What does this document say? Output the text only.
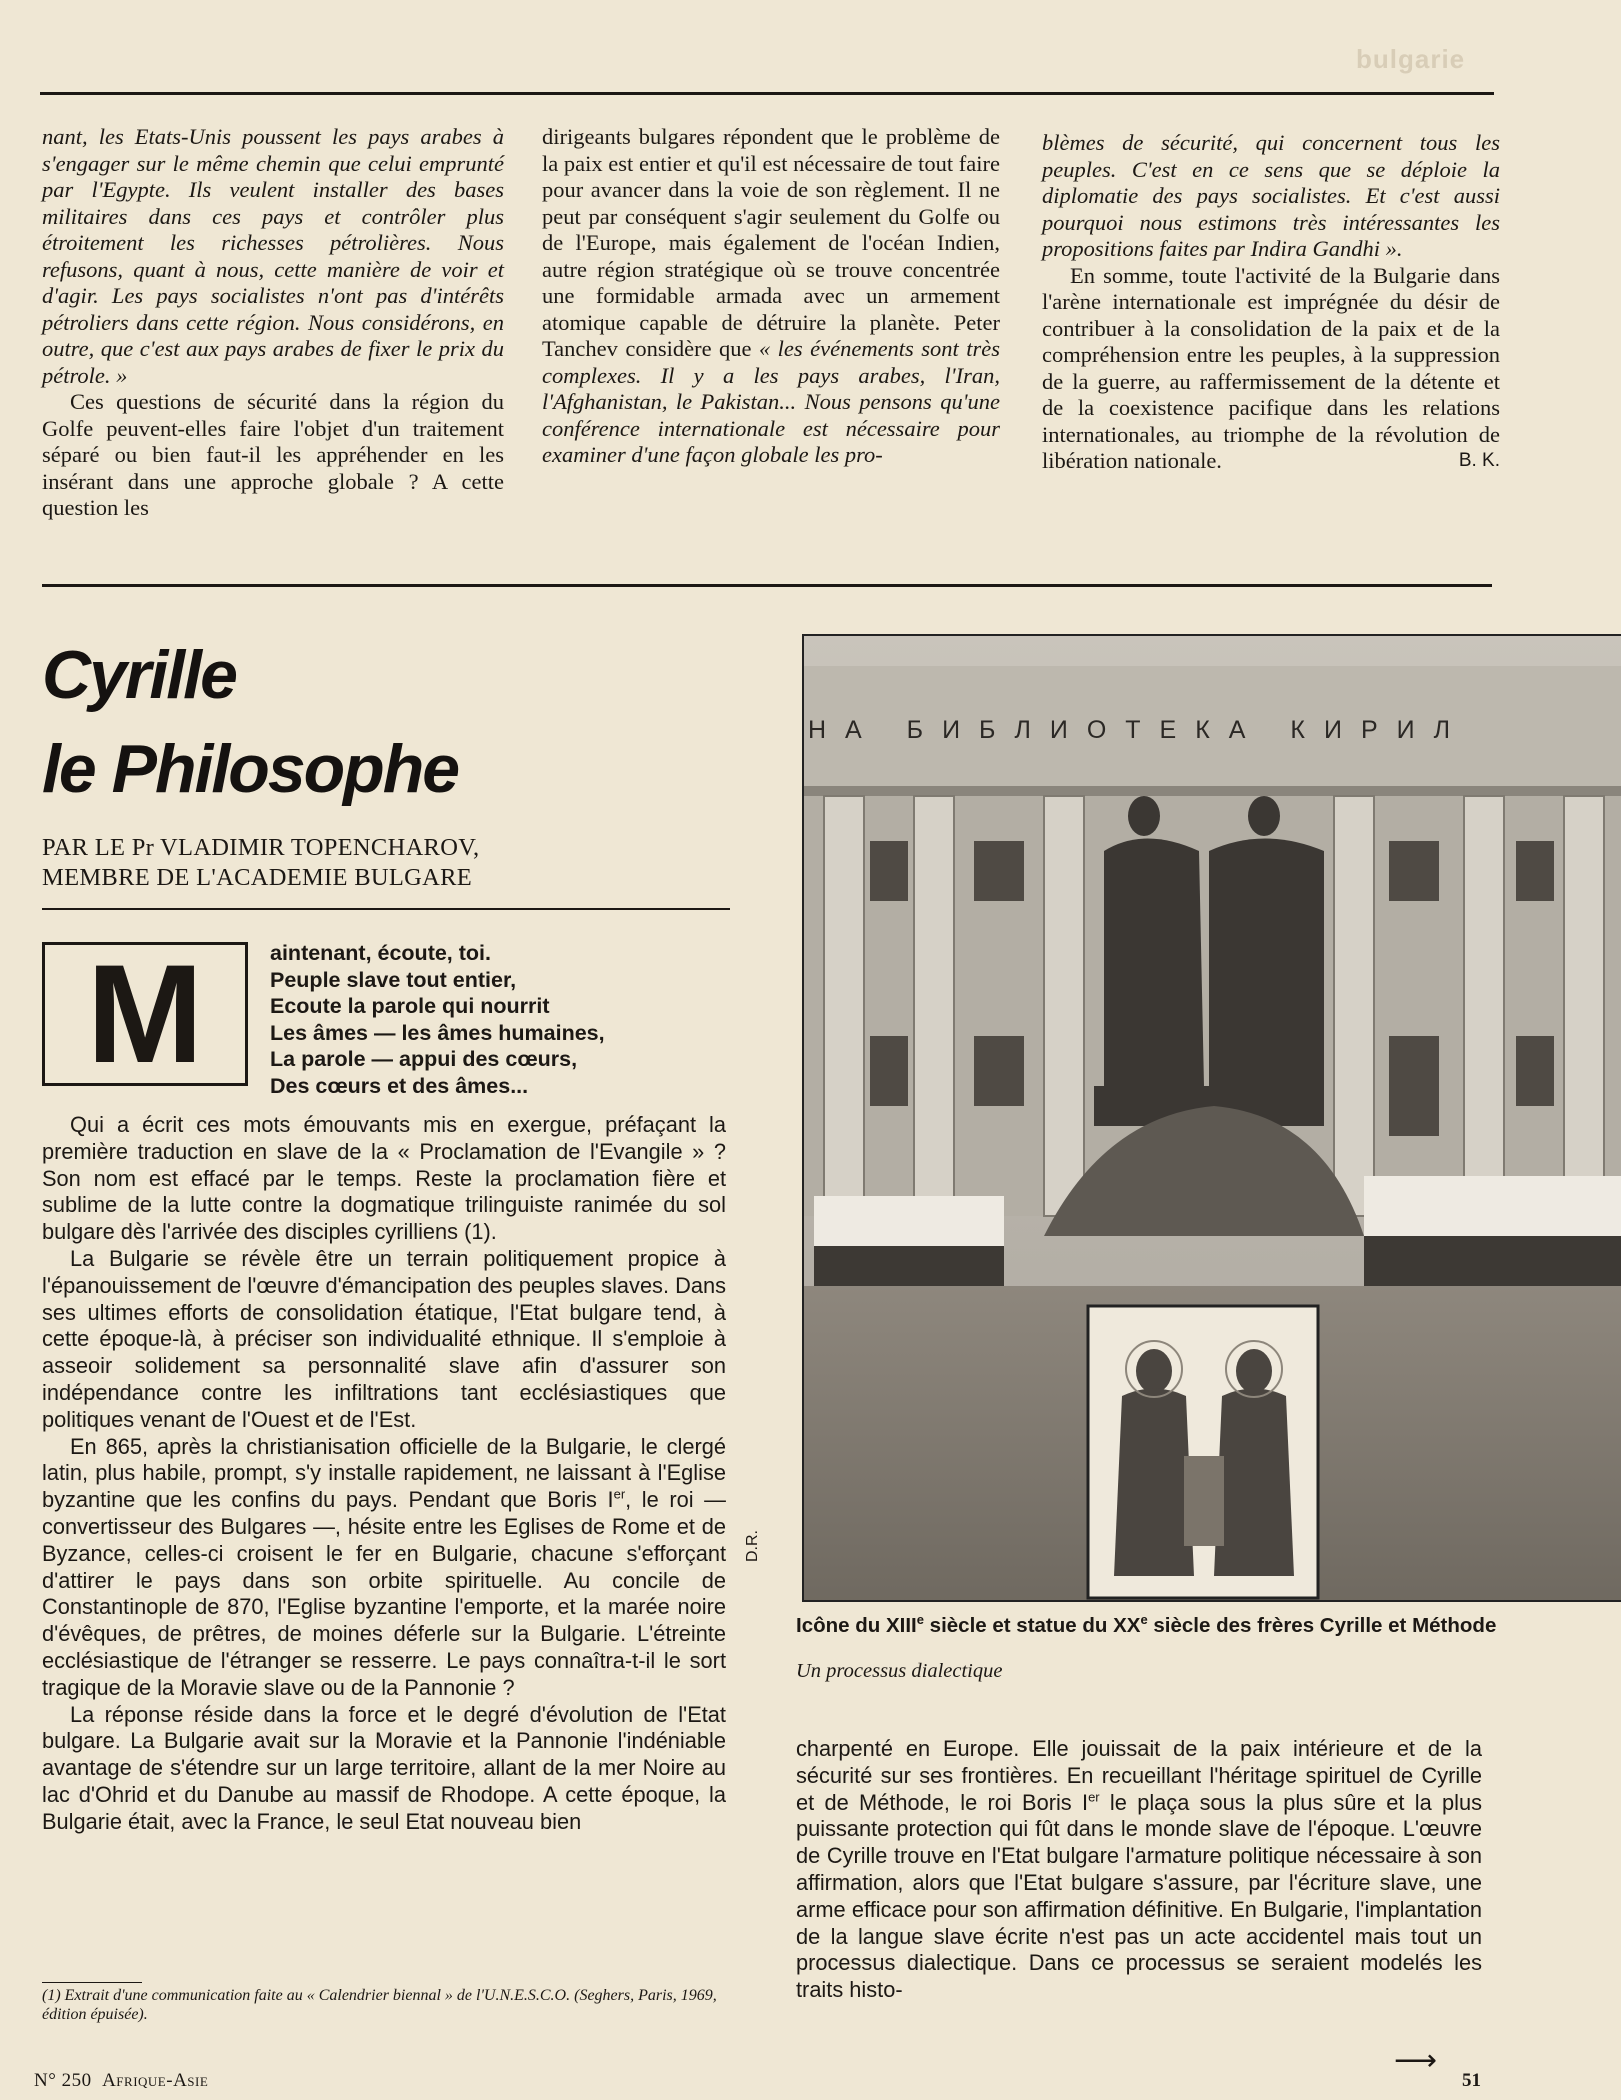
bulgarie

nant, les Etats-Unis poussent les pays arabes à s'engager sur le même chemin que celui emprunté par l'Egypte. Ils veulent installer des bases militaires dans ces pays et contrôler plus étroitement les richesses pétrolières. Nous refusons, quant à nous, cette manière de voir et d'agir. Les pays socialistes n'ont pas d'intérêts pétroliers dans cette région. Nous considérons, en outre, que c'est aux pays arabes de fixer le prix du pétrole. »

Ces questions de sécurité dans la région du Golfe peuvent-elles faire l'objet d'un traitement séparé ou bien faut-il les appréhender en les insérant dans une approche globale ? A cette question les

dirigeants bulgares répondent que le problème de la paix est entier et qu'il est nécessaire de tout faire pour avancer dans la voie de son règlement. Il ne peut par conséquent s'agir seulement du Golfe ou de l'Europe, mais également de l'océan Indien, autre région stratégique où se trouve concentrée une formidable armada avec un armement atomique capable de détruire la planète. Peter Tanchev considère que « les événements sont très complexes. Il y a les pays arabes, l'Iran, l'Afghanistan, le Pakistan... Nous pensons qu'une conférence internationale est nécessaire pour examiner d'une façon globale les pro-

blèmes de sécurité, qui concernent tous les peuples. C'est en ce sens que se déploie la diplomatie des pays socialistes. Et c'est aussi pourquoi nous estimons très intéressantes les propositions faites par Indira Gandhi ».

En somme, toute l'activité de la Bulgarie dans l'arène internationale est imprégnée du désir de contribuer à la consolidation de la paix et de la compréhension entre les peuples, à la suppression de la guerre, au raffermissement de la détente et de la coexistence pacifique dans les relations internationales, au triomphe de la révolution de libération nationale.	B. K.

Cyrille
le Philosophe
PAR LE Pr VLADIMIR TOPENCHAROV,
MEMBRE DE L'ACADEMIE BULGARE
M	aintenant, écoute, toi.
Peuple slave tout entier,
Ecoute la parole qui nourrit
Les âmes — les âmes humaines,
La parole — appui des cœurs,
Des cœurs et des âmes...

Qui a écrit ces mots émouvants mis en exergue, préfaçant la première traduction en slave de la « Proclamation de l'Evangile » ? Son nom est effacé par le temps. Reste la proclamation fière et sublime de la lutte contre la dogmatique trilinguiste ranimée du sol bulgare dès l'arrivée des disciples cyrilliens (1).

La Bulgarie se révèle être un terrain politiquement propice à l'épanouissement de l'œuvre d'émancipation des peuples slaves. Dans ses ultimes efforts de consolidation étatique, l'Etat bulgare tend, à cette époque-là, à préciser son individualité ethnique. Il s'emploie à asseoir solidement sa personnalité slave afin d'assurer son indépendance contre les infiltrations tant ecclésiastiques que politiques venant de l'Ouest et de l'Est.

En 865, après la christianisation officielle de la Bulgarie, le clergé latin, plus habile, prompt, s'y installe rapidement, ne laissant à l'Eglise byzantine que les confins du pays. Pendant que Boris Ier, le roi — convertisseur des Bulgares —, hésite entre les Eglises de Rome et de Byzance, celles-ci croisent le fer en Bulgarie, chacune s'efforçant d'attirer le pays dans son orbite spirituelle. Au concile de Constantinople de 870, l'Eglise byzantine l'emporte, et la marée noire d'évêques, de prêtres, de moines déferle sur la Bulgarie. L'étreinte ecclésiastique de l'étranger se resserre. Le pays connaîtra-t-il le sort tragique de la Moravie slave ou de la Pannonie ?

La réponse réside dans la force et le degré d'évolution de l'Etat bulgare. La Bulgarie avait sur la Moravie et la Pannonie l'indéniable avantage de s'étendre sur un large territoire, allant de la mer Noire au lac d'Ohrid et du Danube au massif de Rhodope. A cette époque, la Bulgarie était, avec la France, le seul Etat nouveau bien

(1) Extrait d'une communication faite au « Calendrier biennal » de l'U.N.E.S.C.O. (Seghers, Paris, 1969, édition épuisée).
НА БИБЛИОТЕКА КИРИЛ
D.R.
Icône du XIIIe siècle et statue du XXe siècle des frères Cyrille et Méthode
Un processus dialectique

charpenté en Europe. Elle jouissait de la paix intérieure et de la sécurité sur ses frontières. En recueillant l'héritage spirituel de Cyrille et de Méthode, le roi Boris Ier le plaça sous la plus sûre et la plus puissante protection qui fût dans le monde slave de l'époque. L'œuvre de Cyrille trouve en l'Etat bulgare l'armature politique nécessaire à son affirmation, alors que l'Etat bulgare s'assure, par l'écriture slave, une arme efficace pour son affirmation définitive. En Bulgarie, l'implantation de la langue slave écrite n'est pas un acte accidentel mais tout un processus dialectique. Dans ce processus se seraient modelés les traits histo-

⟶
N° 250 Afrique-Asie	51
